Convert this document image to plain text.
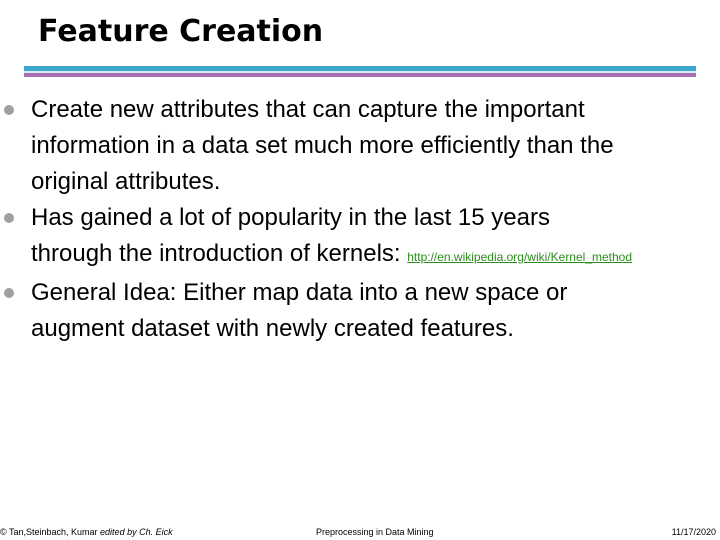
Feature Creation
Create new attributes that can capture the important
information in a data set much more efficiently than the
original attributes.
Has gained a lot of popularity in the last 15 years
through the introduction of kernels: http://en.wikipedia.org/wiki/Kernel_method
General Idea: Either map data into a new space or
augment dataset with newly created features.
© Tan,Steinbach, Kumar edited by Ch. Eick	Preprocessing in Data Mining	11/17/2020
